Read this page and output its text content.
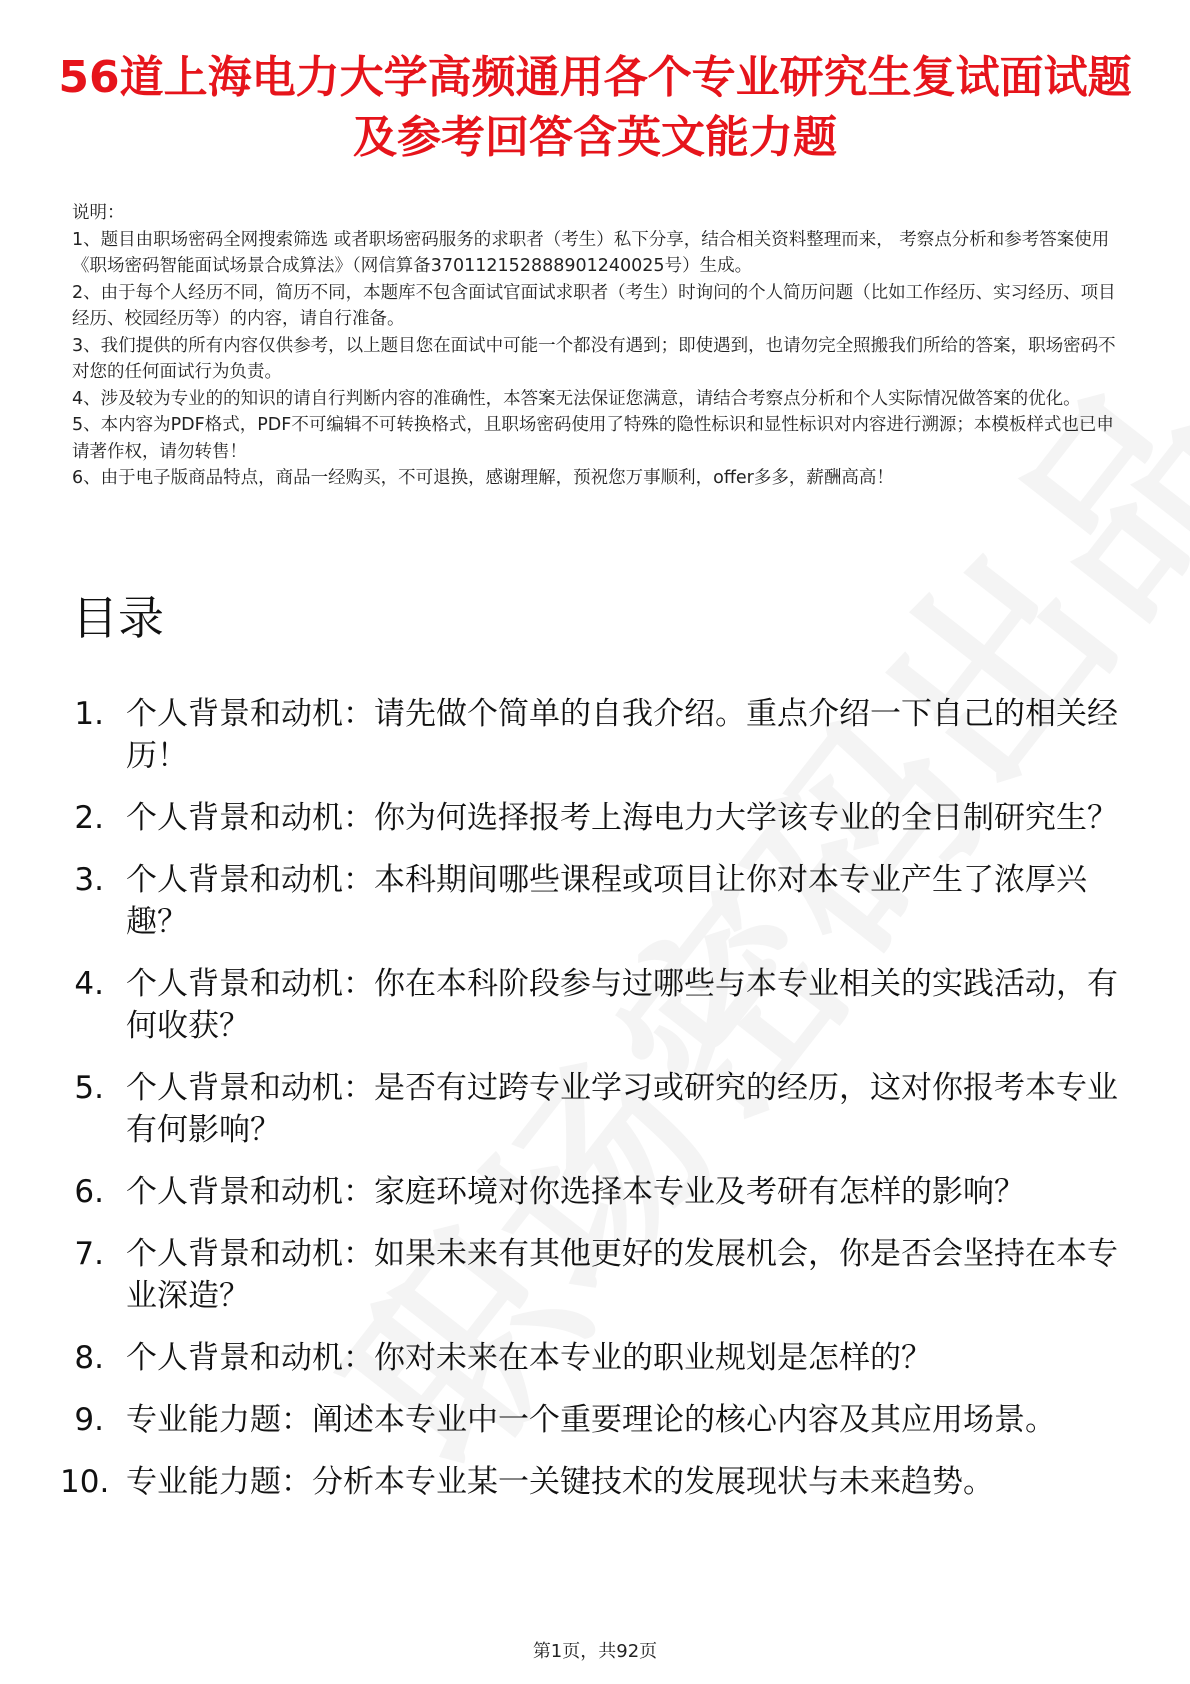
56道上海电力大学高频通用各个专业研究生复试面试题及参考回答含英文能力题

说明：

1、题目由职场密码全网搜索筛选 或者职场密码服务的求职者（考生）私下分享，结合相关资料整理而来， 考察点分析和参考答案使用《职场密码智能面试场景合成算法》（网信算备370112152888901240025号）生成。

2、由于每个人经历不同，简历不同，本题库不包含面试官面试求职者（考生）时询问的个人简历问题（比如工作经历、实习经历、项目经历、校园经历等）的内容，请自行准备。

3、我们提供的所有内容仅供参考，以上题目您在面试中可能一个都没有遇到；即使遇到，也请勿完全照搬我们所给的答案，职场密码不对您的任何面试行为负责。

4、涉及较为专业的的知识的请自行判断内容的准确性，本答案无法保证您满意，请结合考察点分析和个人实际情况做答案的优化。

5、本内容为PDF格式，PDF不可编辑不可转换格式，且职场密码使用了特殊的隐性标识和显性标识对内容进行溯源；本模板样式也已申请著作权，请勿转售！

6、由于电子版商品特点，商品一经购买，不可退换，感谢理解，预祝您万事顺利，offer多多，薪酬高高！

目录
1. 个人背景和动机：请先做个简单的自我介绍。重点介绍一下自己的相关经历！
2. 个人背景和动机：你为何选择报考上海电力大学该专业的全日制研究生？
3. 个人背景和动机：本科期间哪些课程或项目让你对本专业产生了浓厚兴趣？
4. 个人背景和动机：你在本科阶段参与过哪些与本专业相关的实践活动，有何收获？
5. 个人背景和动机：是否有过跨专业学习或研究的经历，这对你报考本专业有何影响？
6. 个人背景和动机：家庭环境对你选择本专业及考研有怎样的影响？
7. 个人背景和动机：如果未来有其他更好的发展机会，你是否会坚持在本专业深造？
8. 个人背景和动机：你对未来在本专业的职业规划是怎样的？
9. 专业能力题：阐述本专业中一个重要理论的核心内容及其应用场景。
10. 专业能力题：分析本专业某一关键技术的发展现状与未来趋势。
第1页，共92页
